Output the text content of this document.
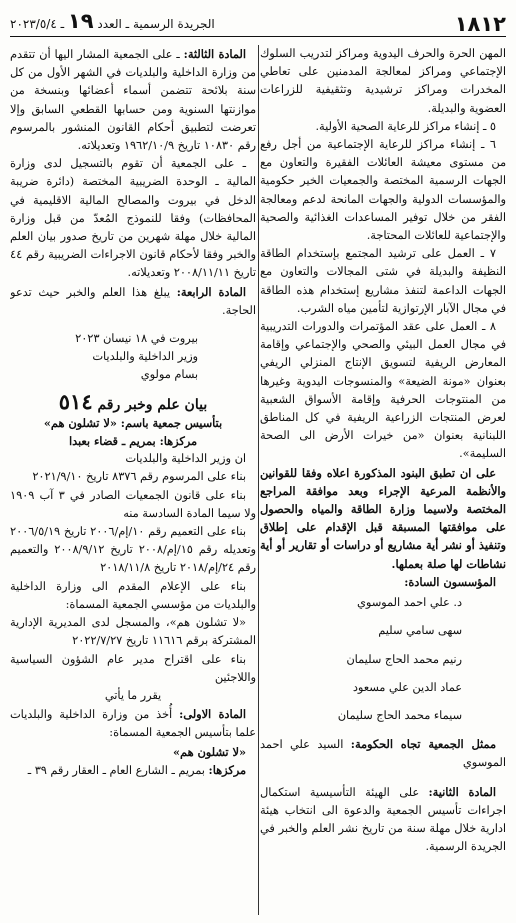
١٨١٢
الجريدة الرسمية ـ العدد ١٩ ـ ٢٠٢٣/٥/٤

المهن الحرة والحرف اليدوية ومراكز لتدريب السلوك الإجتماعي ومراكز لمعالجة المدمنين على تعاطي المخدرات ومراكز ترشيدية وتثقيفية للزراعات العضوية والبديلة.

٥ ـ إنشاء مراكز للرعاية الصحية الأولية.

٦ ـ إنشاء مراكز للرعاية الإجتماعية من أجل رفع من مستوى معيشة العائلات الفقيرة والتعاون مع الجهات الرسمية المختصة والجمعيات الخير حكومية والمؤسسات الدولية والجهات المانحة لدعم ومعالجة الفقر من خلال توفير المساعدات الغذائية والصحية والإجتماعية للعائلات المحتاجة.

٧ ـ العمل على ترشيد المجتمع بإستخدام الطاقة النظيفة والبديلة في شتى المجالات والتعاون مع الجهات الداعمة لتنفذ مشاريع إستخدام هذه الطاقة في مجال الآبار الإرتوازية لتأمين مياه الشرب.

٨ ـ العمل على عقد المؤتمرات والدورات التدريبية في مجال العمل البيئي والصحي والإجتماعي وإقامة المعارض الريفية لتسويق الإنتاج المنزلي الريفي بعنوان «مونة الضيعة» والمنسوجات اليدوية وغيرها من المنتوجات الحرفية وإقامة الأسواق الشعبية لعرض المنتجات الزراعية الريفية في كل المناطق اللبنانية بعنوان «من خيرات الأرض الى الصحة السليمة».

على ان تطبق البنود المذكورة اعلاه وفقا للقوانين والأنظمة المرعية الإجراء وبعد موافقة المراجع المختصة ولاسيما وزارة الطاقة والمياه والحصول على موافقتها المسبقة قبل الإقدام على إطلاق وتنفيذ أو نشر أية مشاريع أو دراسات أو تقارير أو أية نشاطات لها صلة بعملها.

المؤسسون السادة:

د. علي احمد الموسوي

سهى سامي سليم

رنيم محمد الحاج سليمان

عماد الدين علي مسعود

سيماء محمد الحاج سليمان

ممثل الجمعية تجاه الحكومة: السيد علي احمد الموسوي

المادة الثانية: على الهيئة التأسيسية استكمال اجراءات تأسيس الجمعية والدعوة الى انتخاب هيئة ادارية خلال مهلة سنة من تاريخ نشر العلم والخبر في الجريدة الرسمية.

المادة الثالثة: ـ على الجمعية المشار اليها أن تتقدم من وزارة الداخلية والبلديات في الشهر الأول من كل سنة بلائحة تتضمن أسماء أعضائها وبنسخة من موازنتها السنوية ومن حسابها القطعي السابق وإلا تعرضت لتطبيق أحكام القانون المنشور بالمرسوم رقم ١٠٨٣٠ تاريخ ١٩٦٢/١٠/٩ وتعديلاته.

ـ على الجمعية أن تقوم بالتسجيل لدى وزارة المالية ـ الوحدة الضريبية المختصة (دائرة ضريبة الدخل في بيروت والمصالح المالية الاقليمية في المحافظات) وفقا للنموذج المُعدّ من قبل وزارة المالية خلال مهلة شهرين من تاريخ صدور بيان العلم والخبر وفقا لأحكام قانون الاجراءات الضريبية رقم ٤٤ تاريخ ٢٠٠٨/١١/١١ وتعديلاته.

المادة الرابعة: يبلغ هذا العلم والخبر حيث تدعو الحاجة.

بيروت في ١٨ نيسان ٢٠٢٣

وزير الداخلية والبلديات

بسام مولوي

بيان علم وخبر رقم ٥١٤

بتأسيس جمعية باسم: «لا تشلون هم»

مركزها: بمريم ـ قضاء بعبدا

ان وزير الداخلية والبلديات

بناء على المرسوم رقم ٨٣٧٦ تاريخ ٢٠٢١/٩/١٠

بناء على قانون الجمعيات الصادر في ٣ آب ١٩٠٩ ولا سيما المادة السادسة منه

بناء على التعميم رقم ١٠/إم/٢٠٠٦ تاريخ ٢٠٠٦/٥/١٩ وتعديله رقم ١٥/إم/٢٠٠٨ تاريخ ٢٠٠٨/٩/١٢ والتعميم رقم ٢٤/إم/٢٠١٨ تاريخ ٢٠١٨/١١/٨

بناء على الإعلام المقدم الى وزارة الداخلية والبلديات من مؤسسي الجمعية المسماة:

«لا تشلون هم»، والمسجل لدى المديرية الإدارية المشتركة برقم ١١٦١٦ تاريخ ٢٠٢٢/٧/٢٧

بناء على اقتراح مدير عام الشؤون السياسية واللاجئين

يقرر ما يأتي

المادة الاولى: أُخذ من وزارة الداخلية والبلديات علما بتأسيس الجمعية المسماة:

«لا تشلون هم»

مركزها: بمريم ـ الشارع العام ـ العقار رقم ٣٩ ـ
